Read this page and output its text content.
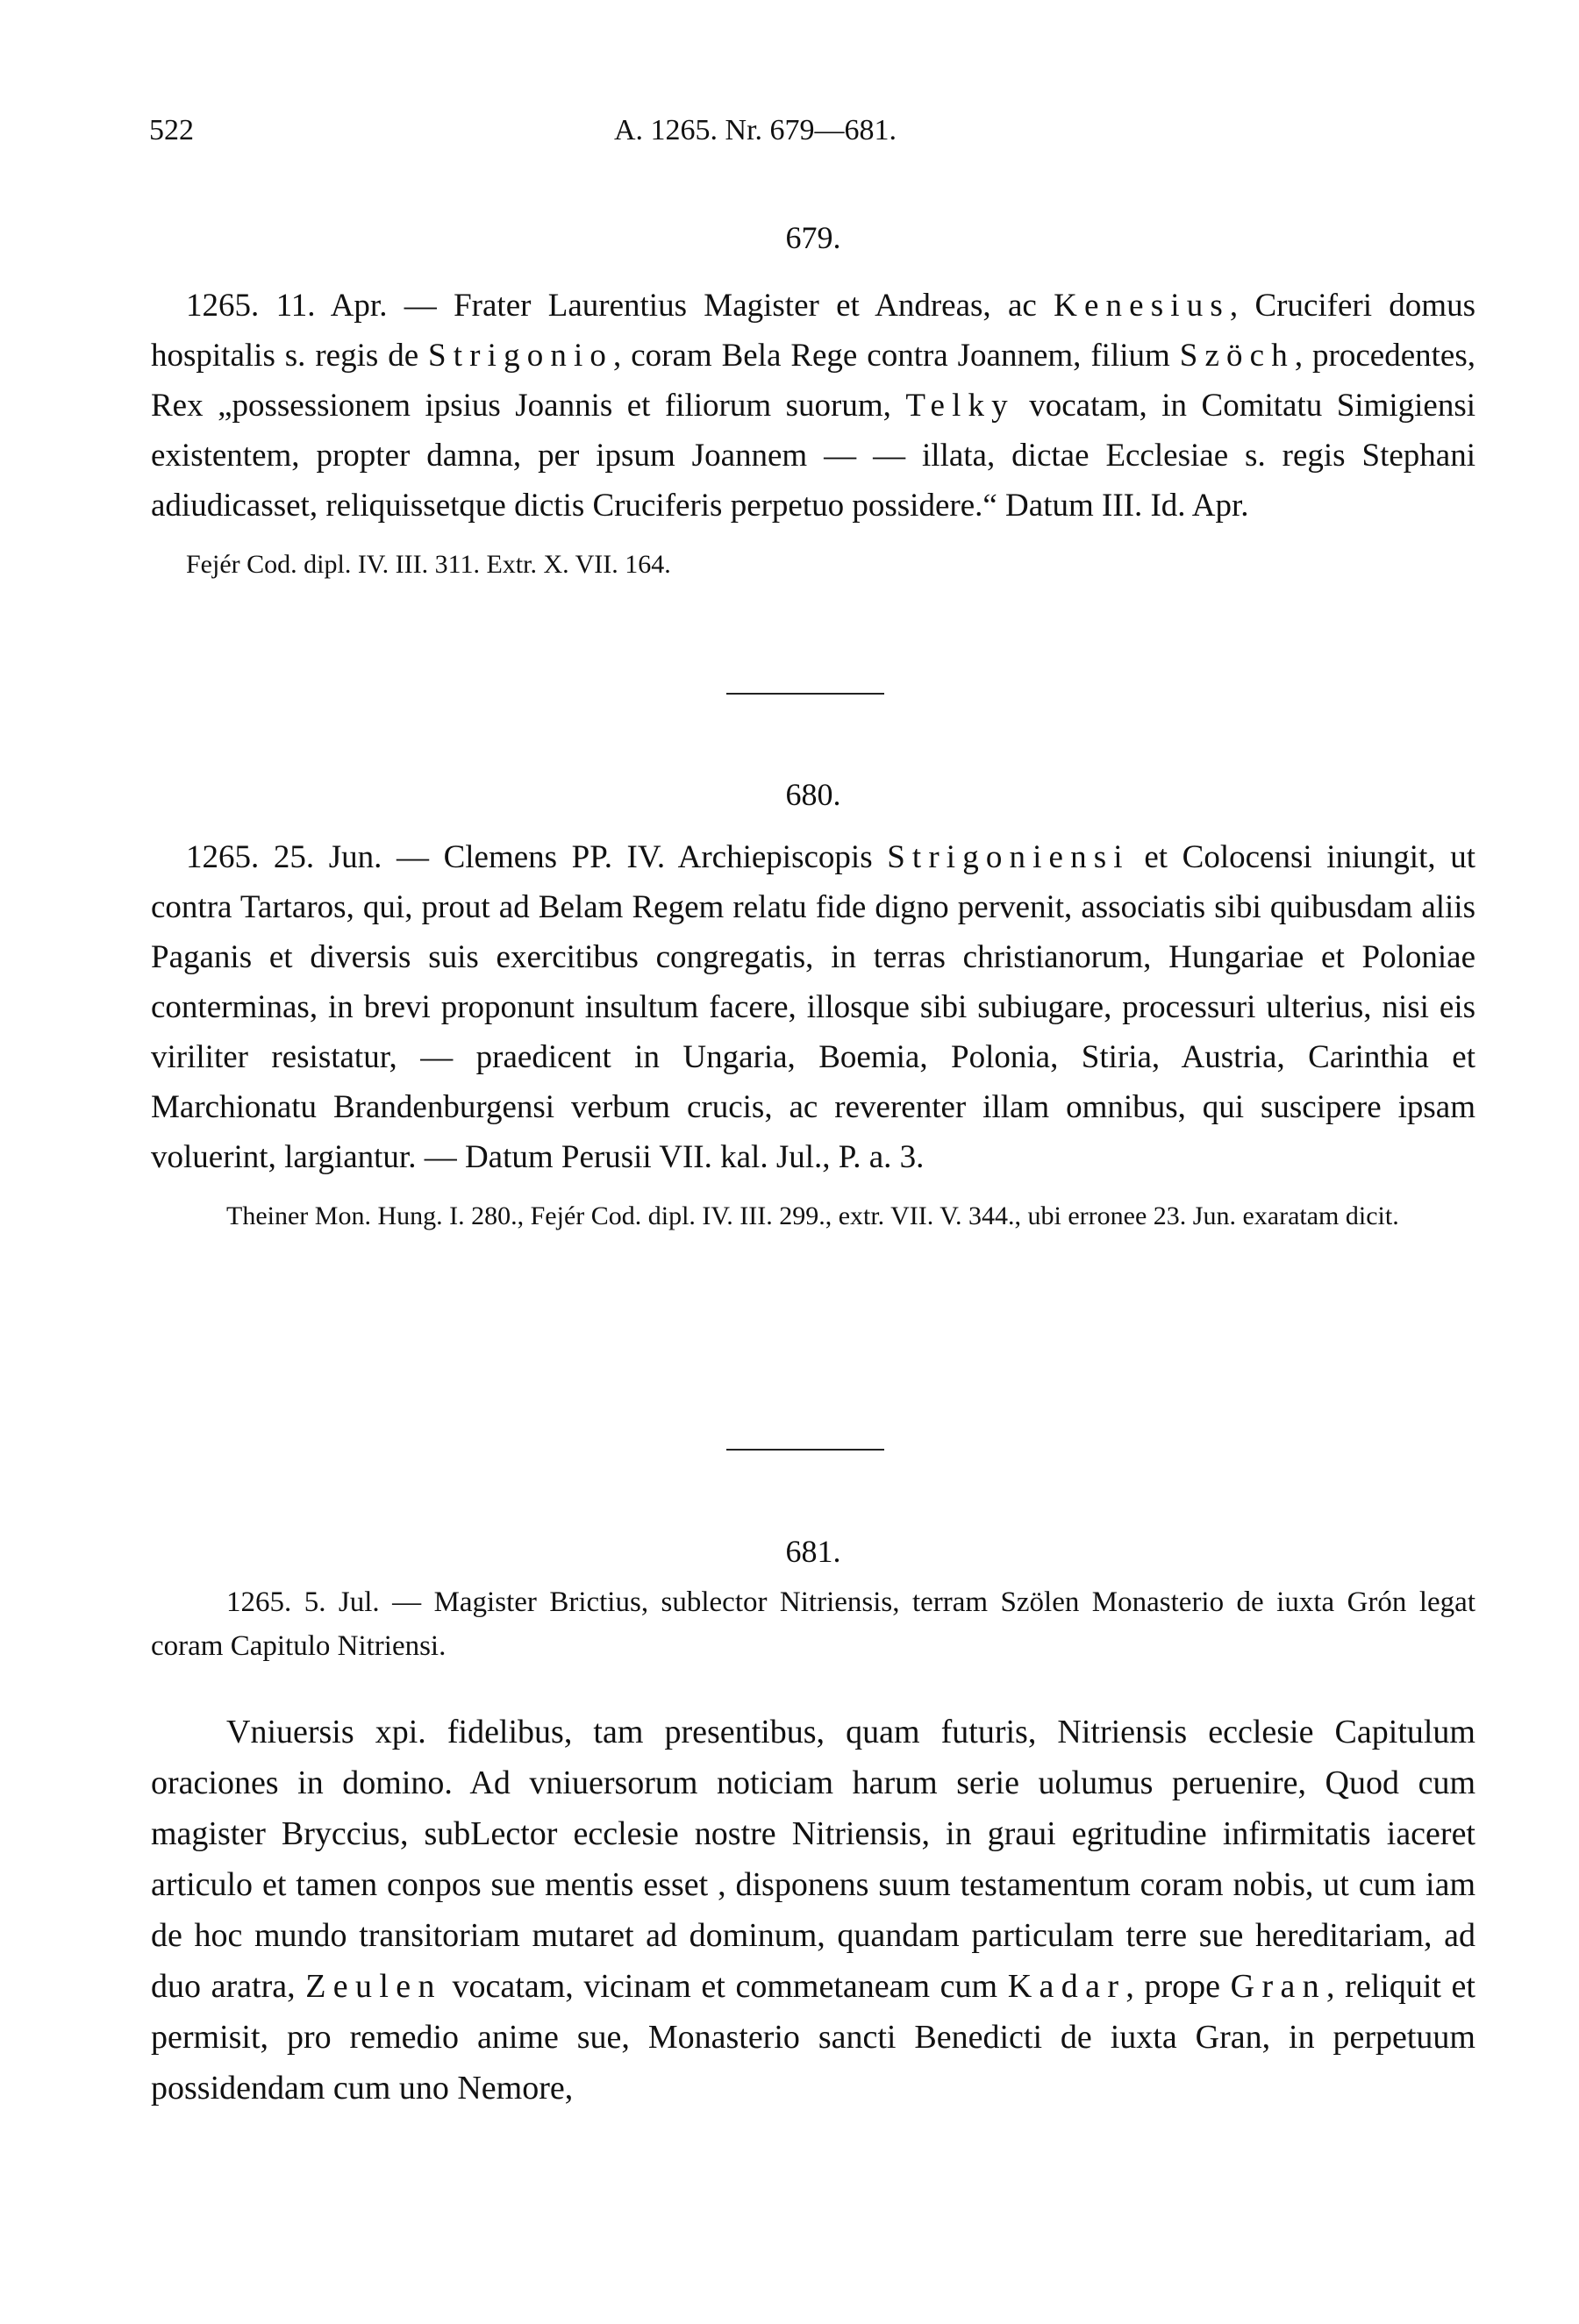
522	A. 1265. Nr. 679—681.

679.

1265. 11. Apr. — Frater Laurentius Magister et Andreas, ac Kenesius, Cruciferi domus hospitalis s. regis de Strigonio, coram Bela Rege contra Joannem, filium Szöch, procedentes, Rex „possessionem ipsius Joannis et filiorum suorum, Telky vocatam, in Comitatu Simigiensi existentem, propter damna, per ipsum Joannem — — illata, dictae Ecclesiae s. regis Stephani adiudicasset, reliquissetque dictis Cruciferis perpetuo possidere.“ Datum III. Id. Apr.

Fejér Cod. dipl. IV. III. 311. Extr. X. VII. 164.

680.

1265. 25. Jun. — Clemens PP. IV. Archiepiscopis Strigoniensi et Colocensi iniungit, ut contra Tartaros, qui, prout ad Belam Regem relatu fide digno pervenit, associatis sibi quibusdam aliis Paganis et diversis suis exercitibus congregatis, in terras christianorum, Hungariae et Poloniae conterminas, in brevi proponunt insultum facere, illosque sibi subiugare, processuri ulterius, nisi eis viriliter resistatur, — praedicent in Ungaria, Boemia, Polonia, Stiria, Austria, Carinthia et Marchionatu Brandenburgensi verbum crucis, ac reverenter illam omnibus, qui suscipere ipsam voluerint, largiantur. — Datum Perusii VII. kal. Jul., P. a. 3.

Theiner Mon. Hung. I. 280., Fejér Cod. dipl. IV. III. 299., extr. VII. V. 344., ubi erronee 23. Jun. exaratam dicit.

681.

1265. 5. Jul. — Magister Brictius, sublector Nitriensis, terram Szölen Monasterio de iuxta Grón legat coram Capitulo Nitriensi.

Vniuersis xpi. fidelibus, tam presentibus, quam futuris, Nitriensis ecclesie Capitulum oraciones in domino. Ad vniuersorum noticiam harum serie uolumus peruenire, Quod cum magister Bryccius, subLector ecclesie nostre Nitriensis, in graui egritudine infirmitatis iaceret articulo et tamen conpos sue mentis esset , disponens suum testamentum coram nobis, ut cum iam de hoc mundo transitoriam mutaret ad dominum, quandam particulam terre sue hereditariam, ad duo aratra, Zeulen vocatam, vicinam et commetaneam cum Kadar, prope Gran, reliquit et permisit, pro remedio anime sue, Monasterio sancti Benedicti de iuxta Gran, in perpetuum possidendam cum uno Nemore,
